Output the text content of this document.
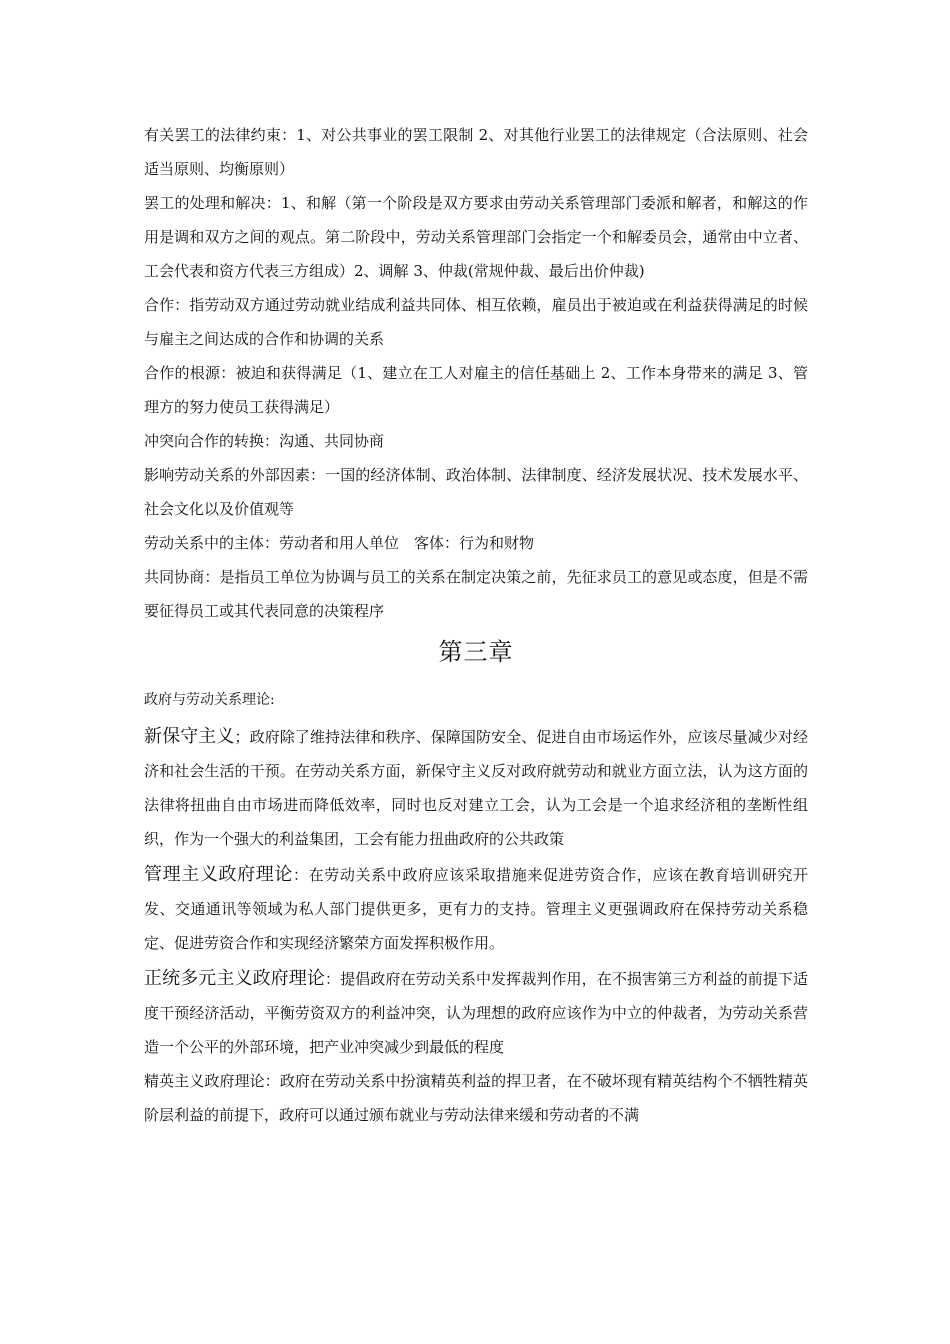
有关罢工的法律约束：1、对公共事业的罢工限制 2、对其他行业罢工的法律规定（合法原则、社会适当原则、均衡原则）

罢工的处理和解决：1、和解（第一个阶段是双方要求由劳动关系管理部门委派和解者，和解这的作用是调和双方之间的观点。第二阶段中，劳动关系管理部门会指定一个和解委员会，通常由中立者、工会代表和资方代表三方组成）2、调解 3、仲裁(常规仲裁、最后出价仲裁)

合作：指劳动双方通过劳动就业结成利益共同体、相互依赖，雇员出于被迫或在利益获得满足的时候与雇主之间达成的合作和协调的关系

合作的根源：被迫和获得满足（1、建立在工人对雇主的信任基础上 2、工作本身带来的满足 3、管理方的努力使员工获得满足）

冲突向合作的转换：沟通、共同协商

影响劳动关系的外部因素：一国的经济体制、政治体制、法律制度、经济发展状况、技术发展水平、社会文化以及价值观等

劳动关系中的主体：劳动者和用人单位　客体：行为和财物

共同协商：是指员工单位为协调与员工的关系在制定决策之前，先征求员工的意见或态度，但是不需要征得员工或其代表同意的决策程序

第三章
政府与劳动关系理论:

新保守主义；政府除了维持法律和秩序、保障国防安全、促进自由市场运作外，应该尽量减少对经济和社会生活的干预。在劳动关系方面，新保守主义反对政府就劳动和就业方面立法，认为这方面的法律将扭曲自由市场进而降低效率，同时也反对建立工会，认为工会是一个追求经济租的垄断性组织，作为一个强大的利益集团，工会有能力扭曲政府的公共政策

管理主义政府理论：在劳动关系中政府应该采取措施来促进劳资合作，应该在教育培训研究开发、交通通讯等领域为私人部门提供更多，更有力的支持。管理主义更强调政府在保持劳动关系稳定、促进劳资合作和实现经济繁荣方面发挥积极作用。

正统多元主义政府理论：提倡政府在劳动关系中发挥裁判作用，在不损害第三方利益的前提下适度干预经济活动，平衡劳资双方的利益冲突，认为理想的政府应该作为中立的仲裁者，为劳动关系营造一个公平的外部环境，把产业冲突减少到最低的程度

精英主义政府理论：政府在劳动关系中扮演精英利益的捍卫者，在不破坏现有精英结构个不牺牲精英阶层利益的前提下，政府可以通过颁布就业与劳动法律来缓和劳动者的不满
